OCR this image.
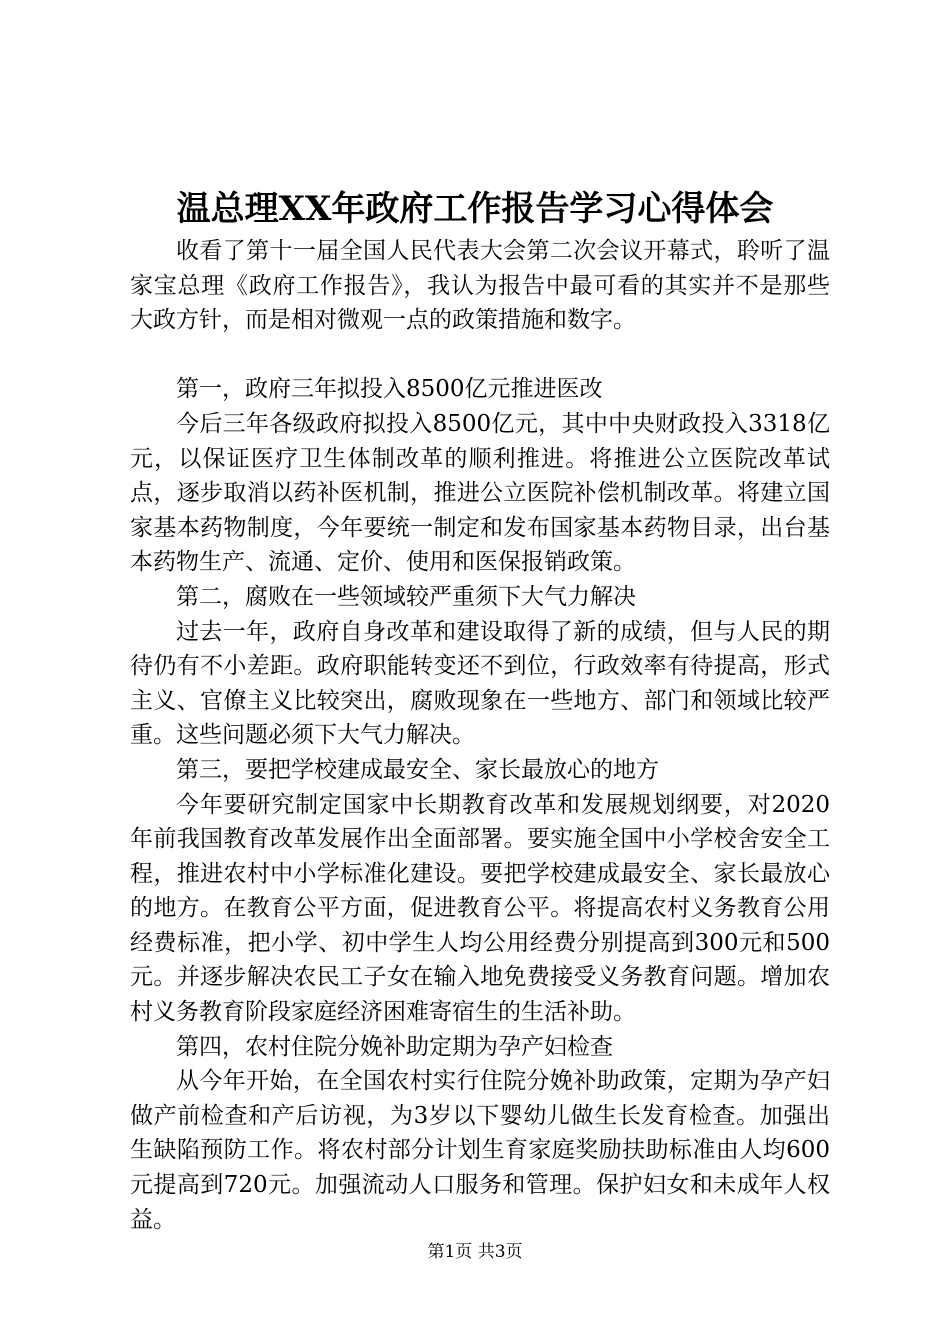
温总理XX年政府工作报告学习心得体会

收看了第十一届全国人民代表大会第二次会议开幕式，聆听了温家宝总理《政府工作报告》，我认为报告中最可看的其实并不是那些大政方针，而是相对微观一点的政策措施和数字。

第一，政府三年拟投入8500亿元推进医改

今后三年各级政府拟投入8500亿元，其中中央财政投入3318亿元，以保证医疗卫生体制改革的顺利推进。将推进公立医院改革试点，逐步取消以药补医机制，推进公立医院补偿机制改革。将建立国家基本药物制度，今年要统一制定和发布国家基本药物目录，出台基本药物生产、流通、定价、使用和医保报销政策。

第二，腐败在一些领域较严重须下大气力解决

过去一年，政府自身改革和建设取得了新的成绩，但与人民的期待仍有不小差距。政府职能转变还不到位，行政效率有待提高，形式主义、官僚主义比较突出，腐败现象在一些地方、部门和领域比较严重。这些问题必须下大气力解决。

第三，要把学校建成最安全、家长最放心的地方

今年要研究制定国家中长期教育改革和发展规划纲要，对2020年前我国教育改革发展作出全面部署。要实施全国中小学校舍安全工程，推进农村中小学标准化建设。要把学校建成最安全、家长最放心的地方。在教育公平方面，促进教育公平。将提高农村义务教育公用经费标准，把小学、初中学生人均公用经费分别提高到300元和500元。并逐步解决农民工子女在输入地免费接受义务教育问题。增加农村义务教育阶段家庭经济困难寄宿生的生活补助。

第四，农村住院分娩补助定期为孕产妇检查

从今年开始，在全国农村实行住院分娩补助政策，定期为孕产妇做产前检查和产后访视，为3岁以下婴幼儿做生长发育检查。加强出生缺陷预防工作。将农村部分计划生育家庭奖励扶助标准由人均600元提高到720元。加强流动人口服务和管理。保护妇女和未成年人权益。

第1页 共3页
